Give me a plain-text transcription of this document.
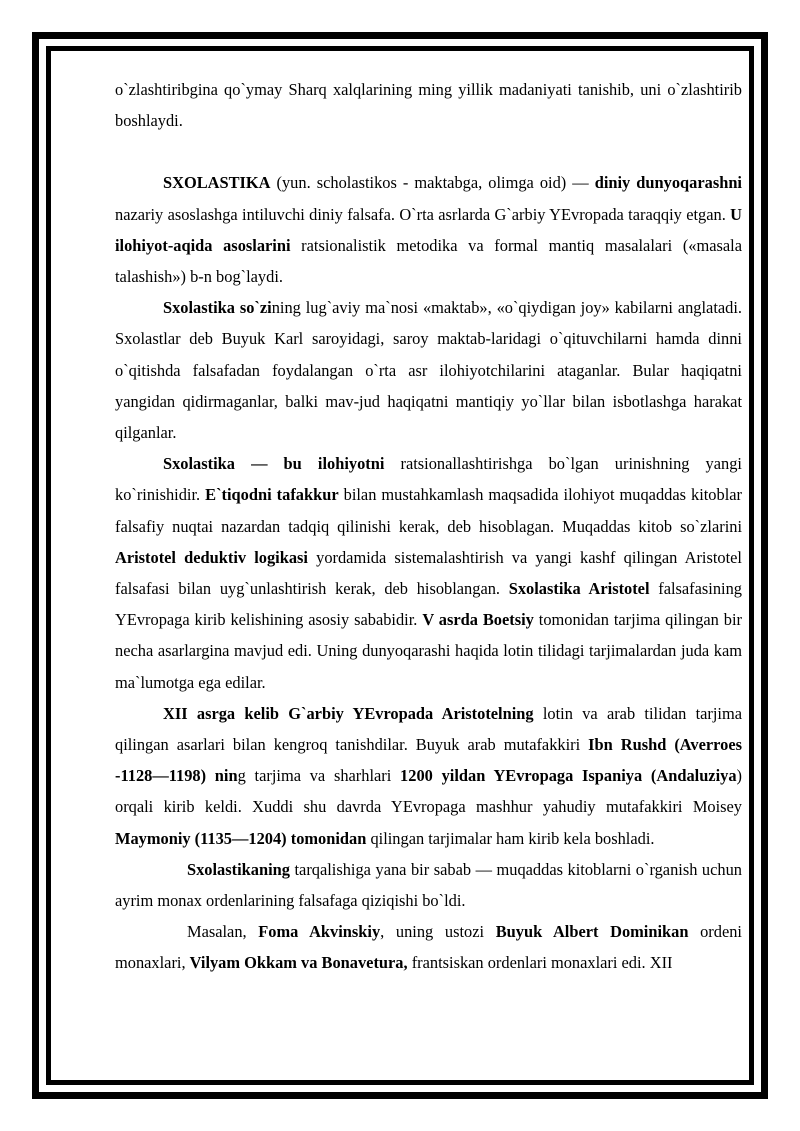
o`zlashtiribgina qo`ymay Sharq xalqlarining ming yillik madaniyati tanishib, uni o`zlashtirib boshlaydi.

SXOLASTIKA (yun. scholastikos - maktabga, olimga oid) — diniy dunyoqarashni nazariy asoslashga intiluvchi diniy falsafa. O`rta asrlarda G`arbiy YEvropada taraqqiy etgan. U ilohiyot-aqida asoslarini ratsionalistik metodika va formal mantiq masalalari («masala talashish») b-n bog`laydi.

Sxolastika so`zining lug`aviy ma`nosi «maktab», «o`qiydigan joy» kabilarni anglatadi. Sxolastlar deb Buyuk Karl saroyidagi, saroy maktab-laridagi o`qituvchilarni hamda dinni o`qitishda falsafadan foydalangan o`rta asr ilohiyotchilarini ataganlar. Bular haqiqatni yangidan qidirmaganlar, balki mav-jud haqiqatni mantiqiy yo`llar bilan isbotlashga harakat qilganlar.

Sxolastika — bu ilohiyotni ratsionallashtirishga bo`lgan urinishning yangi ko`rinishidir. E`tiqodni tafakkur bilan mustahkamlash maqsadida ilohiyot muqaddas kitoblar falsafiy nuqtai nazardan tadqiq qilinishi kerak, deb hisoblagan. Muqaddas kitob so`zlarini Aristotel deduktiv logikasi yordamida sistemalashtirish va yangi kashf qilingan Aristotel falsafasi bilan uyg`unlashtirish kerak, deb hisoblangan. Sxolastika Aristotel falsafasining YEvropaga kirib kelishining asosiy sababidir. V asrda Boetsiy tomonidan tarjima qilingan bir necha asarlargina mavjud edi. Uning dunyoqarashi haqida lotin tilidagi tarjimalardan juda kam ma`lumotga ega edilar.

XII asrga kelib G`arbiy YEvropada Aristotelning lotin va arab tilidan tarjima qilingan asarlari bilan kengroq tanishdilar. Buyuk arab mutafakkiri Ibn Rushd (Averroes -1128—1198) ning tarjima va sharhlari 1200 yildan YEvropaga Ispaniya (Andaluziya) orqali kirib keldi. Xuddi shu davrda YEvropaga mashhur yahudiy mutafakkiri Moisey Maymoniy (1135—1204) tomonidan qilingan tarjimalar ham kirib kela boshladi.

Sxolastikaning tarqalishiga yana bir sabab — muqaddas kitoblarni o`rganish uchun ayrim monax ordenlarining falsafaga qiziqishi bo`ldi.

Masalan, Foma Akvinskiy, uning ustozi Buyuk Albert Dominikan ordeni monaxlari, Vilyam Okkam va Bonavetura, frantsiskan ordenlari monaxlari edi. XII
